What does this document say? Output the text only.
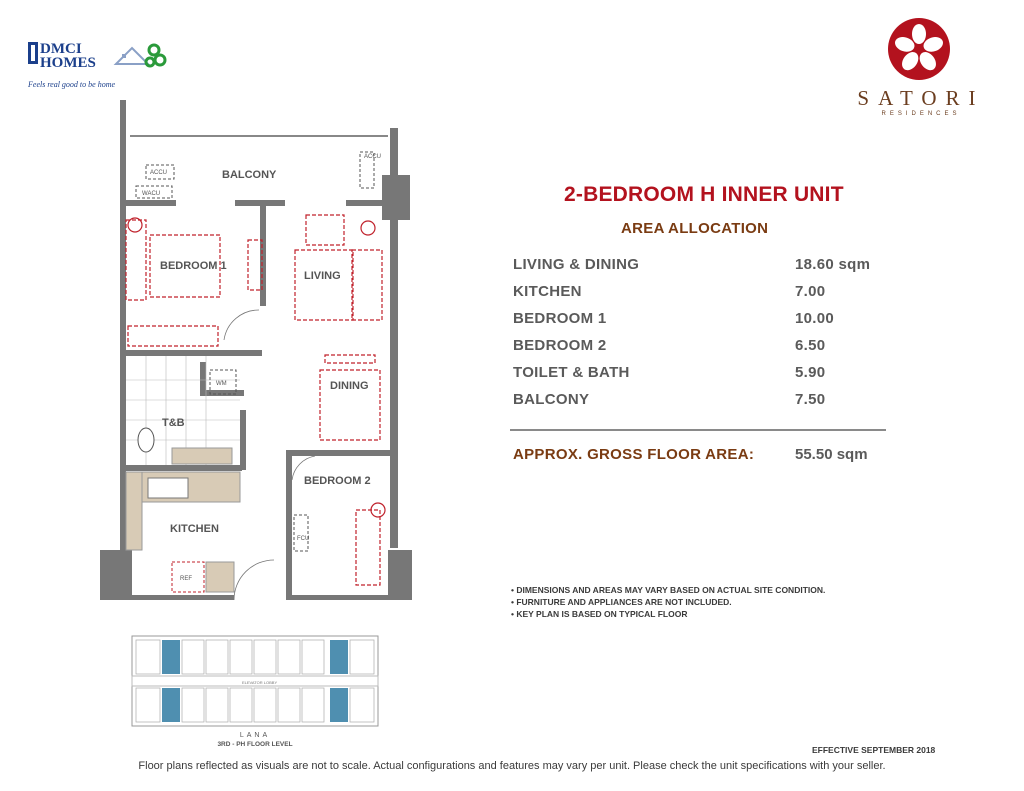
DMCI
HOMES
Feels real good to be home
SATORI
RESIDENCES
ACCU
WACU
ACCU
BALCONY
BEDROOM 1
LIVING
DINING
WM
T&B
KITCHEN
REF
BEDROOM 2
FCU
2-BEDROOM H INNER UNIT
AREA ALLOCATION
LIVING & DINING	18.60 sqm
KITCHEN	7.00
BEDROOM 1	10.00
BEDROOM 2	6.50
TOILET & BATH	5.90
BALCONY	7.50
APPROX. GROSS FLOOR AREA:	55.50 sqm
• DIMENSIONS AND AREAS MAY VARY BASED ON ACTUAL SITE CONDITION.
• FURNITURE AND APPLIANCES ARE NOT INCLUDED.
• KEY PLAN IS BASED ON TYPICAL FLOOR
ELEVATOR LOBBY
LANA
3RD - PH FLOOR LEVEL
EFFECTIVE SEPTEMBER 2018
Floor plans reflected as visuals are not to scale. Actual configurations and features may vary per unit. Please check the unit specifications with your seller.
